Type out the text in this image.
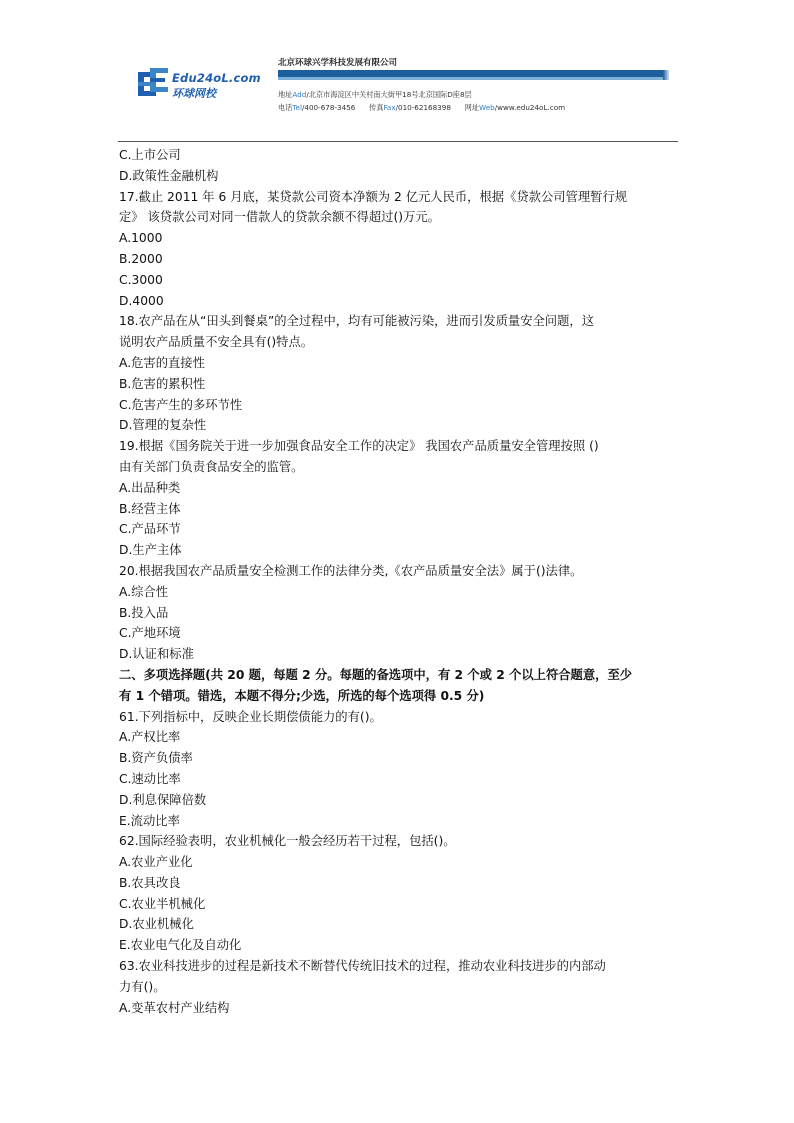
Edu24oL.com
环球网校
北京环球兴学科技发展有限公司
地址Add/北京市海淀区中关村南大街甲18号北京国际D座8层
电话Tel/400-678-3456 传真Fax/010-62168398 网址Web/www.edu24oL.com
C.上市公司
D.政策性金融机构
17.截止 2011 年 6 月底，某贷款公司资本净额为 2 亿元人民币，根据《贷款公司管理暂行规
定》 该贷款公司对同一借款人的贷款余额不得超过()万元。
A.1000
B.2000
C.3000
D.4000
18.农产品在从“田头到餐桌”的全过程中，均有可能被污染，进而引发质量安全问题，这
说明农产品质量不安全具有()特点。
A.危害的直接性
B.危害的累积性
C.危害产生的多环节性
D.管理的复杂性
19.根据《国务院关于进一步加强食品安全工作的决定》 我国农产品质量安全管理按照 ()
由有关部门负责食品安全的监管。
A.出品种类
B.经营主体
C.产品环节
D.生产主体
20.根据我国农产品质量安全检测工作的法律分类,《农产品质量安全法》属于()法律。
A.综合性
B.投入品
C.产地环境
D.认证和标准
二、多项选择题(共 20 题，每题 2 分。每题的备选项中，有 2 个或 2 个以上符合题意，至少
有 1 个错项。错选，本题不得分;少选，所选的每个选项得 0.5 分)
61.下列指标中，反映企业长期偿债能力的有()。
A.产权比率
B.资产负债率
C.速动比率
D.利息保障倍数
E.流动比率
62.国际经验表明，农业机械化一般会经历若干过程，包括()。
A.农业产业化
B.农具改良
C.农业半机械化
D.农业机械化
E.农业电气化及自动化
63.农业科技进步的过程是新技术不断替代传统旧技术的过程，推动农业科技进步的内部动
力有()。
A.变革农村产业结构
